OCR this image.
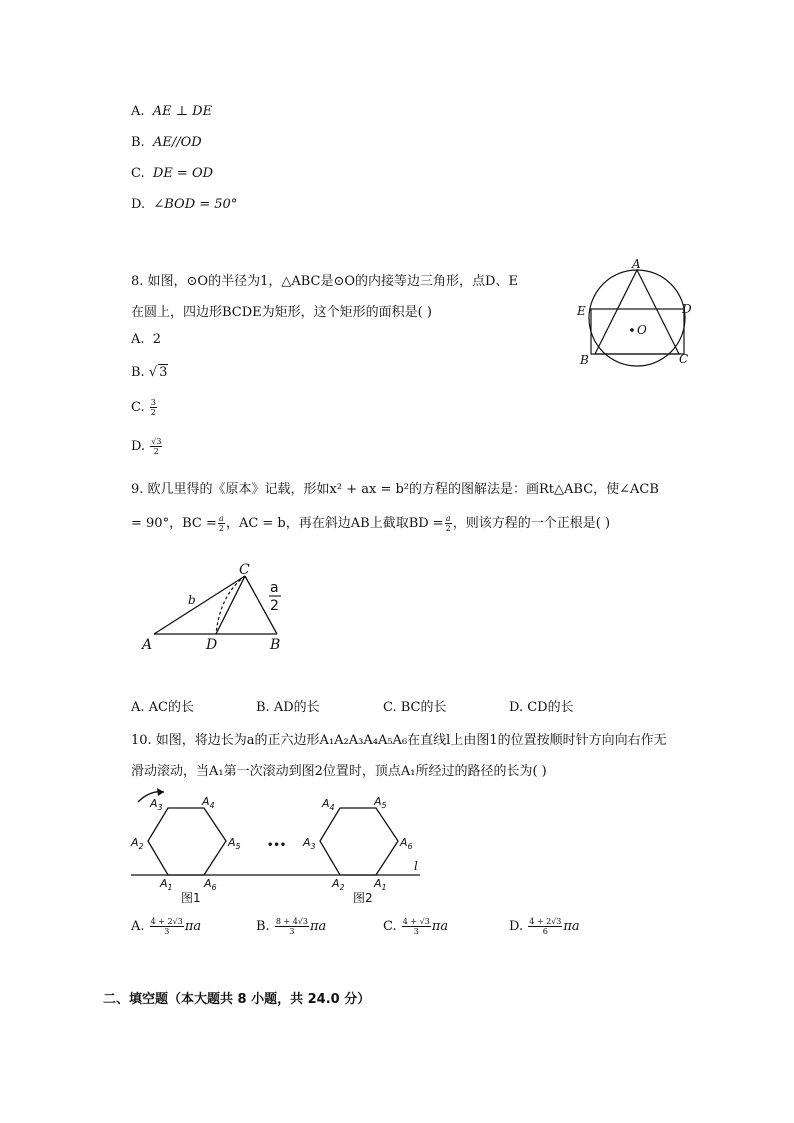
A. AE ⊥ DE
B. AE//OD
C. DE = OD
D. ∠BOD = 50°
8. 如图，⊙O的半径为1，△ABC是⊙O的内接等边三角形，点D、E
在圆上，四边形BCDE为矩形，这个矩形的面积是( )
A. 2
B. √ 3
C. $\frac{3}{2}$
D. $\frac{√3}{2}$
A
E	D
O
B	C
9. 欧几里得的《原本》记载，形如x² + ax = b²的方程的图解法是：画Rt△ABC，使∠ACB
= 90°，BC = $\frac{a}{2}$ ，AC = b，再在斜边AB上截取BD = $\frac{a}{2}$ ，则该方程的一个正根是( )
C
b
A	D	B
a
2
A. AC的长	B. AD的长	C. BC的长	D. CD的长
10. 如图，将边长为a的正六边形A₁A₂A₃A₄A₅A₆在直线l上由图1的位置按顺时针方向向右作无
滑动滚动，当A₁第一次滚动到图2位置时，顶点A₁所经过的路径的长为( )
$A_3$	$A_4$
$A_2$	$A_5$
$A_1$	$A_6$
•••
$A_4$	$A_5$
$A_3$	$A_6$
$A_2$	$A_1$
l
图1	图2
A. $\frac{4 + 2√3}{3}$ πa	B. $\frac{8 + 4√3}{3}$ πa	C. $\frac{4 + √3}{3}$ πa	D. $\frac{4 + 2√3}{6}$ πa
二、填空题（本大题共 8 小题，共 24.0 分）
